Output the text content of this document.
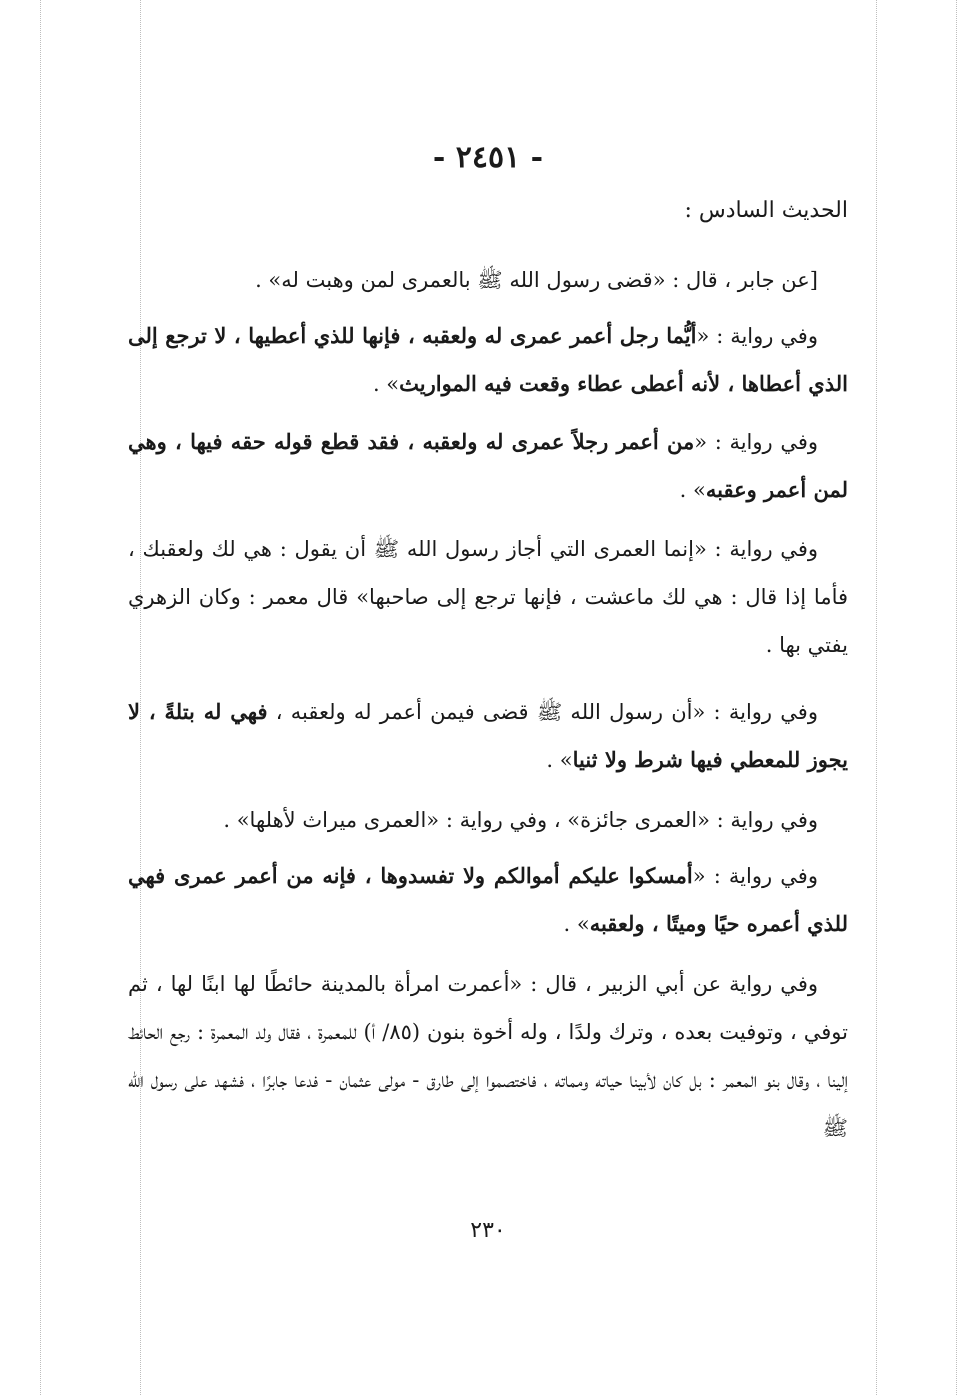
- ٢٤٥١ -
الحديث السادس :
[عن جابر ، قال : «قضى رسول الله ﷺ بالعمرى لمن وهبت له» .
وفي رواية : «أيُّما رجل أعمر عمرى له ولعقبه ، فإنها للذي أعطيها ، لا ترجع إلى الذي أعطاها ، لأنه أعطى عطاء وقعت فيه المواريث» .
وفي رواية : «من أعمر رجلاً عمرى له ولعقبه ، فقد قطع قوله حقه فيها ، وهي لمن أعمر وعقبه» .
وفي رواية : «إنما العمرى التي أجاز رسول الله ﷺ أن يقول : هي لك ولعقبك ، فأما إذا قال : هي لك ماعشت ، فإنها ترجع إلى صاحبها» قال معمر : وكان الزهري يفتي بها .
وفي رواية : «أن رسول الله ﷺ قضى فيمن أعمر له ولعقبه ، فهي له بتلةً ، لا يجوز للمعطي فيها شرط ولا ثنيا» .
وفي رواية : «العمرى جائزة» ، وفي رواية : «العمرى ميراث لأهلها» .
وفي رواية : «أمسكوا عليكم أموالكم ولا تفسدوها ، فإنه من أعمر عمرى فهي للذي أعمره حيًا وميتًا ، ولعقبه» .
وفي رواية عن أبي الزبير ، قال : «أعمرت امرأة بالمدينة حائطًا لها ابنًا لها ، ثم توفي ، وتوفيت بعده ، وترك ولدًا ، وله أخوة بنون (٨٥/ أ) للمعمرة ، فقال ولد المعمرة : رجع الحائط إلينا ، وقال بنو المعمر : بل كان لأبينا حياته ومماته ، فاختصموا إلى طارق - مولى عثمان - فدعا جابرًا ، فشهد على رسول الله ﷺ
٢٣٠
